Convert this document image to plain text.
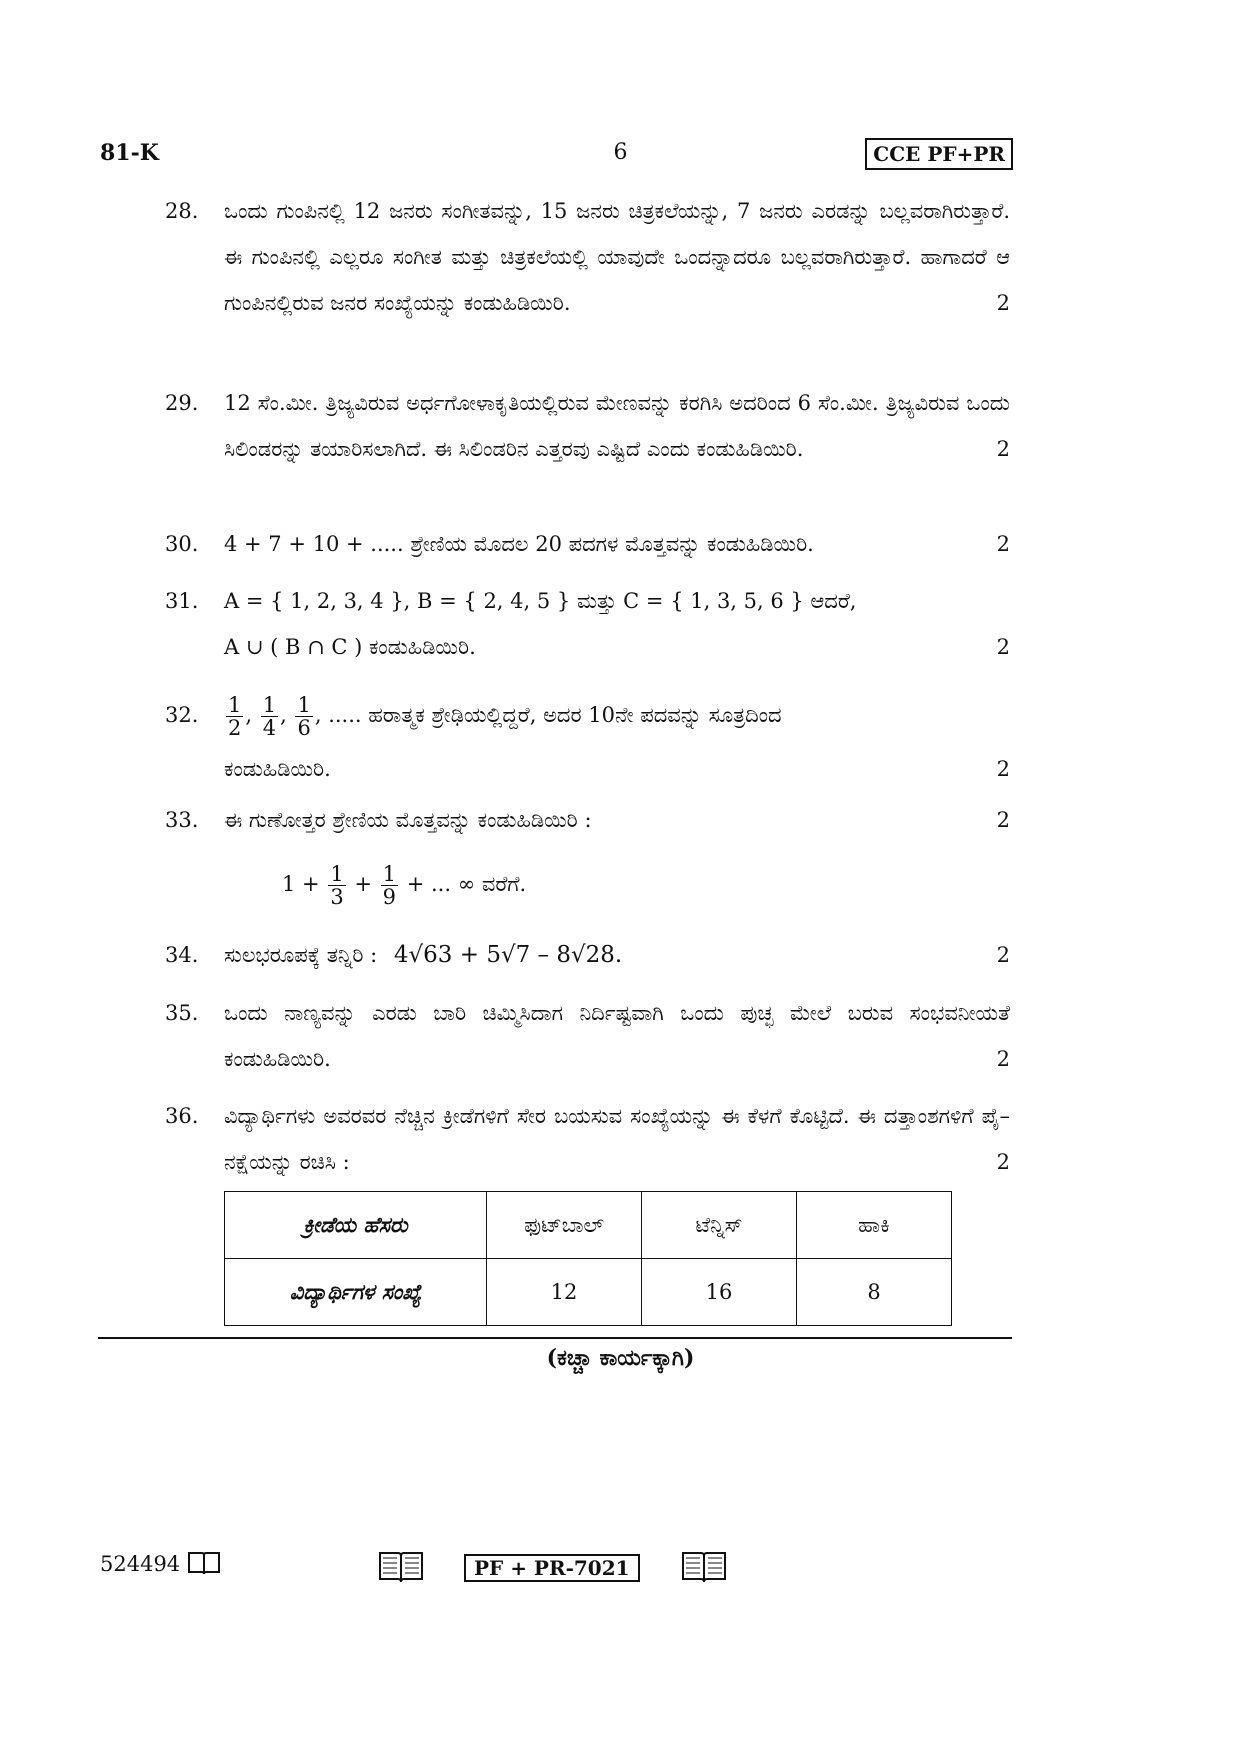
81-K	6	CCE PF+PR
28.	ಒಂದು ಗುಂಪಿನಲ್ಲಿ 12 ಜನರು ಸಂಗೀತವನ್ನು, 15 ಜನರು ಚಿತ್ರಕಲೆಯನ್ನು, 7 ಜನರು ಎರಡನ್ನು ಬಲ್ಲವರಾಗಿರುತ್ತಾರೆ. ಈ ಗುಂಪಿನಲ್ಲಿ ಎಲ್ಲರೂ ಸಂಗೀತ ಮತ್ತು ಚಿತ್ರಕಲೆಯಲ್ಲಿ ಯಾವುದೇ ಒಂದನ್ನಾದರೂ ಬಲ್ಲವರಾಗಿರುತ್ತಾರೆ. ಹಾಗಾದರೆ ಆ ಗುಂಪಿನಲ್ಲಿರುವ ಜನರ ಸಂಖ್ಯೆಯನ್ನು ಕಂಡುಹಿಡಿಯಿರಿ.	2
29.	12 ಸೆಂ.ಮೀ. ತ್ರಿಜ್ಯವಿರುವ ಅರ್ಧಗೋಳಾಕೃತಿಯಲ್ಲಿರುವ ಮೇಣವನ್ನು ಕರಗಿಸಿ ಅದರಿಂದ 6 ಸೆಂ.ಮೀ. ತ್ರಿಜ್ಯವಿರುವ ಒಂದು ಸಿಲಿಂಡರನ್ನು ತಯಾರಿಸಲಾಗಿದೆ. ಈ ಸಿಲಿಂಡರಿನ ಎತ್ತರವು ಎಷ್ಟಿದೆ ಎಂದು ಕಂಡುಹಿಡಿಯಿರಿ.	2
30.	4 + 7 + 10 + ..... ಶ್ರೇಣಿಯ ಮೊದಲ 20 ಪದಗಳ ಮೊತ್ತವನ್ನು ಕಂಡುಹಿಡಿಯಿರಿ.	2
31.	A = { 1, 2, 3, 4 }, B = { 2, 4, 5 } ಮತ್ತು C = { 1, 3, 5, 6 } ಆದರೆ,
A ∪ ( B ∩ C ) ಕಂಡುಹಿಡಿಯಿರಿ.	2
32.	$\frac{1}{2}$ , $\frac{1}{4}$ , $\frac{1}{6}$ , ..... ಹರಾತ್ಮಕ ಶ್ರೇಢಿಯಲ್ಲಿದ್ದರೆ, ಅದರ 10ನೇ ಪದವನ್ನು ಸೂತ್ರದಿಂದ
ಕಂಡುಹಿಡಿಯಿರಿ.	2
33.	ಈ ಗುಣೋತ್ತರ ಶ್ರೇಣಿಯ ಮೊತ್ತವನ್ನು ಕಂಡುಹಿಡಿಯಿರಿ :	2
$1 + \frac{1}{3} + \frac{1}{9}$ + ... ∞ ವರೆಗೆ.
34.	ಸುಲಭರೂಪಕ್ಕೆ ತನ್ನಿರಿ : 4√63 + 5√7 – 8√28.	2
35.	ಒಂದು ನಾಣ್ಯವನ್ನು ಎರಡು ಬಾರಿ ಚಿಮ್ಮಿಸಿದಾಗ ನಿರ್ದಿಷ್ಟವಾಗಿ ಒಂದು ಪುಚ್ಛ ಮೇಲೆ ಬರುವ ಸಂಭವನೀಯತೆ ಕಂಡುಹಿಡಿಯಿರಿ.	2
36.	ವಿದ್ಯಾರ್ಥಿಗಳು ಅವರವರ ನೆಚ್ಚಿನ ಕ್ರೀಡೆಗಳಿಗೆ ಸೇರ ಬಯಸುವ ಸಂಖ್ಯೆಯನ್ನು ಈ ಕೆಳಗೆ ಕೊಟ್ಟಿದೆ. ಈ ದತ್ತಾಂಶಗಳಿಗೆ ಪೈ–ನಕ್ಷೆಯನ್ನು ರಚಿಸಿ :	2
ಕ್ರೀಡೆಯ ಹೆಸರು	ಫುಟ್‌ಬಾಲ್	ಟೆನ್ನಿಸ್	ಹಾಕಿ
ವಿದ್ಯಾರ್ಥಿಗಳ ಸಂಖ್ಯೆ	12	16	8
(ಕಚ್ಚಾ ಕಾರ್ಯಕ್ಕಾಗಿ)
524494	PF + PR-7021
